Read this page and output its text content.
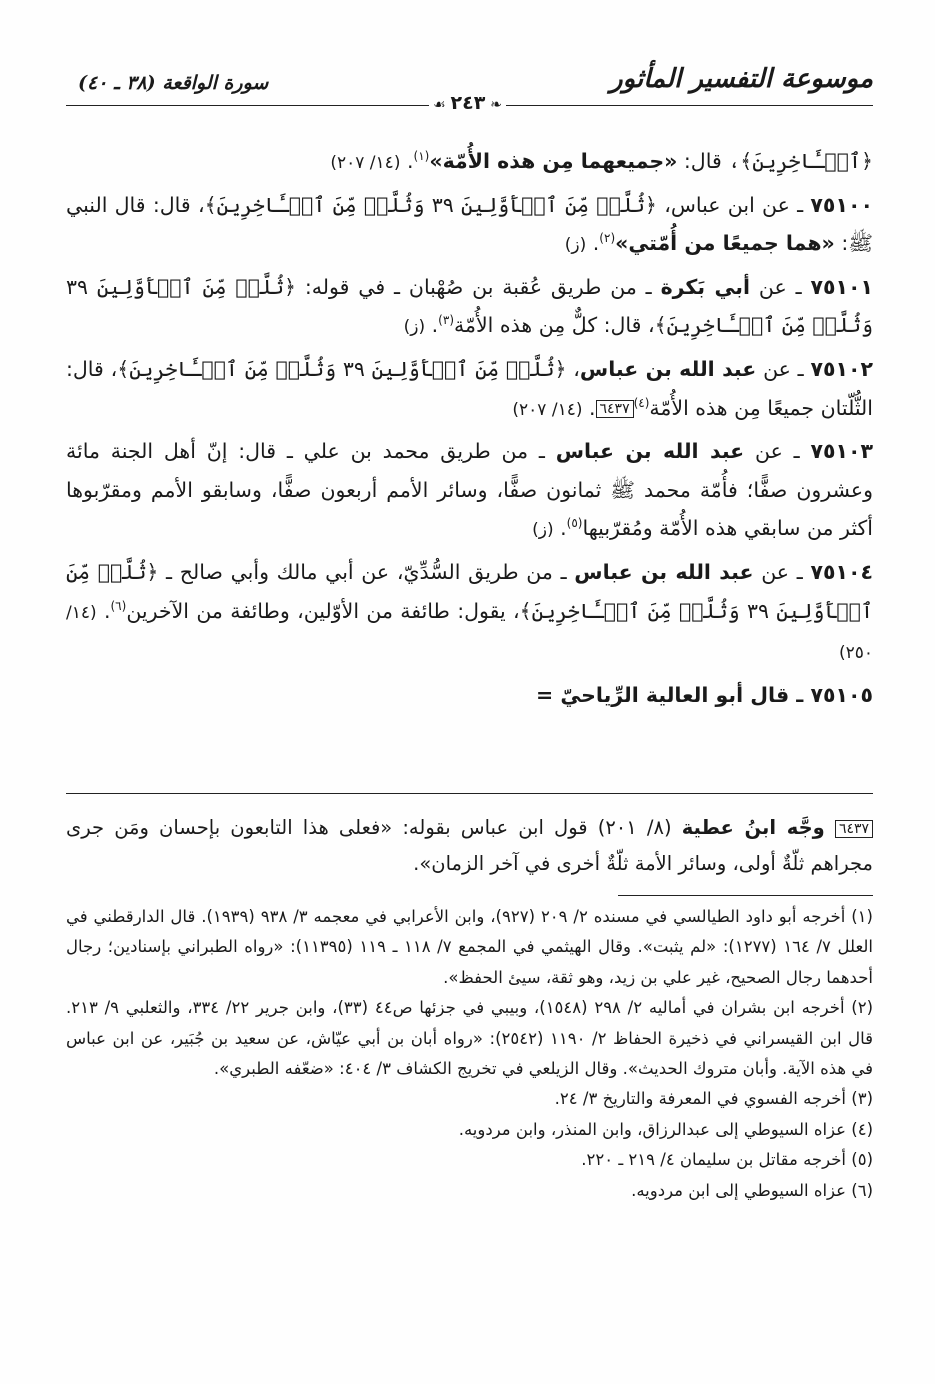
موسوعة التفسير المأثور
سورة الواقعة (٣٨ ـ ٤٠)
❧ ٢٤٣ ☙

﴿ٱلۡـَٔاخِرِينَ﴾، قال: «جميعهما مِن هذه الأُمّة»$^{(١)}$. (١٤/ ٢٠٧)

٧٥١٠٠ ـ عن ابن عباس، ﴿ثُلَّةٞ مِّنَ ٱلۡأَوَّلِينَ ٣٩ وَثُلَّةٞ مِّنَ ٱلۡـَٔاخِرِينَ﴾، قال: قال النبي ﷺ: «هما جميعًا من أُمّتي»$^{(٢)}$. (ز)

٧٥١٠١ ـ عن أبي بَكرة ـ من طريق عُقبة بن صُهْبان ـ في قوله: ﴿ثُلَّةٞ مِّنَ ٱلۡأَوَّلِينَ ٣٩ وَثُلَّةٞ مِّنَ ٱلۡـَٔاخِرِينَ﴾، قال: كلٌّ مِن هذه الأُمّة$^{(٣)}$. (ز)

٧٥١٠٢ ـ عن عبد الله بن عباس، ﴿ثُلَّةٞ مِّنَ ٱلۡأَوَّلِينَ ٣٩ وَثُلَّةٞ مِّنَ ٱلۡـَٔاخِرِينَ﴾، قال: الثُّلّتان جميعًا مِن هذه الأُمّة$^{(٤)}$٦٤٣٧. (١٤/ ٢٠٧)

٧٥١٠٣ ـ عن عبد الله بن عباس ـ من طريق محمد بن علي ـ قال: إنّ أهل الجنة مائة وعشرون صفًّا؛ فأُمّة محمد ﷺ ثمانون صفًّا، وسائر الأمم أربعون صفًّا، وسابقو الأمم ومقرّبوها أكثر من سابقي هذه الأُمّة ومُقرّبيها$^{(٥)}$. (ز)

٧٥١٠٤ ـ عن عبد الله بن عباس ـ من طريق السُّدِّيّ، عن أبي مالك وأبي صالح ـ ﴿ثُلَّةٞ مِّنَ ٱلۡأَوَّلِينَ ٣٩ وَثُلَّةٞ مِّنَ ٱلۡـَٔاخِرِينَ﴾، يقول: طائفة من الأوّلين، وطائفة من الآخرين$^{(٦)}$. (١٤/ ٢٥٠)

٧٥١٠٥ ـ قال أبو العالية الرِّياحيّ =

٦٤٣٧ وجَّه ابنُ عطية (٨/ ٢٠١) قول ابن عباس بقوله: «فعلى هذا التابعون بإحسان ومَن جرى مجراهم ثلّةٌ أولى، وسائر الأمة ثلّةٌ أخرى في آخر الزمان».

(١) أخرجه أبو داود الطيالسي في مسنده ٢/ ٢٠٩ (٩٢٧)، وابن الأعرابي في معجمه ٣/ ٩٣٨ (١٩٣٩). قال الدارقطني في العلل ٧/ ١٦٤ (١٢٧٧): «لم يثبت». وقال الهيثمي في المجمع ٧/ ١١٨ ـ ١١٩ (١١٣٩٥): «رواه الطبراني بإسنادين؛ رجال أحدهما رجال الصحيح، غير علي بن زيد، وهو ثقة، سيئ الحفظ».

(٢) أخرجه ابن بشران في أماليه ٢/ ٢٩٨ (١٥٤٨)، وبيبي في جزئها ص٤٤ (٣٣)، وابن جرير ٢٢/ ٣٣٤، والثعلبي ٩/ ٢١٣. قال ابن القيسراني في ذخيرة الحفاظ ٢/ ١١٩٠ (٢٥٤٢): «رواه أبان بن أبي عيّاش، عن سعيد بن جُبَير، عن ابن عباس في هذه الآية. وأبان متروك الحديث». وقال الزيلعي في تخريج الكشاف ٣/ ٤٠٤: «ضعّفه الطبري».

(٣) أخرجه الفسوي في المعرفة والتاريخ ٣/ ٢٤.

(٤) عزاه السيوطي إلى عبدالرزاق، وابن المنذر، وابن مردويه.

(٥) أخرجه مقاتل بن سليمان ٤/ ٢١٩ ـ ٢٢٠.

(٦) عزاه السيوطي إلى ابن مردويه.
